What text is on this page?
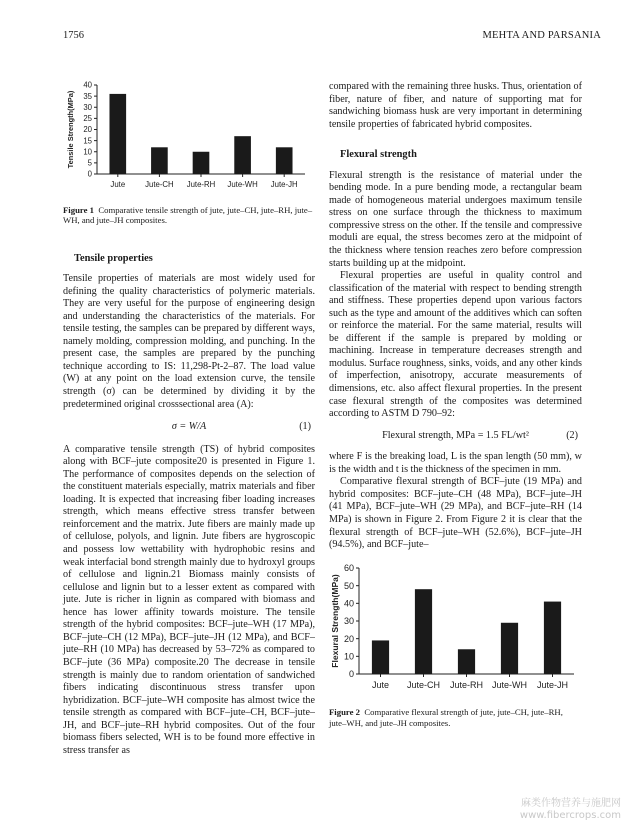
1756	MEHTA AND PARSANIA
0
5
10
15
20
25
30
35
40
Tensile Strength(MPa)
Jute	Jute-CH Jute-RH Jute-WH Jute-JH
Figure 1 Comparative tensile strength of jute, jute–CH, jute–RH, jute–WH, and jute–JH composites.

Tensile properties

Tensile properties of materials are most widely used for defining the quality characteristics of polymeric materials. They are very useful for the purpose of engineering design and understanding the characteristics of the materials. For tensile testing, the samples can be prepared by different ways, namely molding, compression molding, and punching. In the present case, the samples are prepared by the punching technique according to IS: 11,298-Pt-2–87. The load value (W) at any point on the load extension curve, the tensile strength (σ) can be determined by dividing it by the predetermined original crosssectional area (A):

σ = W/A	(1)

A comparative tensile strength (TS) of hybrid composites along with BCF–jute composite20 is presented in Figure 1. The performance of composites depends on the selection of the constituent materials especially, matrix materials and fiber loading. It is expected that increasing fiber loading increases strength, which means effective stress transfer between reinforcement and the matrix. Jute fibers are mainly made up of cellulose, polyols, and lignin. Jute fibers are hygroscopic and possess low wettability with hydrophobic resins and weak interfacial bond strength mainly due to hydroxyl groups of cellulose and lignin.21 Biomass mainly consists of cellulose and lignin but to a lesser extent as compared with jute. Jute is richer in lignin as compared with biomass and hence has lower affinity towards moisture. The tensile strength of the hybrid composites: BCF–jute–WH (17 MPa), BCF–jute–CH (12 MPa), BCF–jute–JH (12 MPa), and BCF–jute–RH (10 MPa) has decreased by 53–72% as compared to BCF–jute (36 MPa) composite.20 The decrease in tensile strength is mainly due to random orientation of sandwiched fibers indicating discontinuous stress transfer upon hybridization. BCF–jute–WH composite has almost twice the tensile strength as compared with BCF–jute–CH, BCF–jute–JH, and BCF–jute–RH hybrid composites. Out of the four biomass fibers selected, WH is to be found more effective in stress transfer as

compared with the remaining three husks. Thus, orientation of fiber, nature of fiber, and nature of supporting mat for sandwiching biomass husk are very important in determining tensile properties of fabricated hybrid composites.

Flexural strength

Flexural strength is the resistance of material under the bending mode. In a pure bending mode, a rectangular beam made of homogeneous material undergoes maximum tensile stress on one surface through the thickness to maximum compressive stress on the other. If the tensile and compressive moduli are equal, the stress becomes zero at the midpoint of the thickness where tension reaches zero before compression starts building up at the midpoint.

Flexural properties are useful in quality control and classification of the material with respect to bending strength and stiffness. These properties depend upon various factors such as the type and amount of the additives which can soften or reinforce the material. For the same material, results will be different if the sample is prepared by molding or machining. Increase in temperature decreases strength and modulus. Surface roughness, sinks, voids, and any other kinds of imperfection, anisotropy, accurate measurements of dimensions, etc. also affect flexural properties. In the present case flexural strength of the composites was determined according to ASTM D 790–92:

Flexural strength, MPa = 1.5 FL/wt²	(2)

where F is the breaking load, L is the span length (50 mm), w is the width and t is the thickness of the specimen in mm.

Comparative flexural strength of BCF–jute (19 MPa) and hybrid composites: BCF–jute–CH (48 MPa), BCF–jute–JH (41 MPa), BCF–jute–WH (29 MPa), and BCF–jute–RH (14 MPa) is shown in Figure 2. From Figure 2 it is clear that the flexural strength of BCF–jute–WH (52.6%), BCF–jute–JH (94.5%), and BCF–jute–

0
10
20
30
40
50
60
Flexural Strength(MPa)
Jute Jute-CH Jute-RH Jute-WH Jute-JH
Figure 2 Comparative flexural strength of jute, jute–CH, jute–RH, jute–WH, and jute–JH composites.
麻类作物营养与施肥网
www.fibercrops.com
